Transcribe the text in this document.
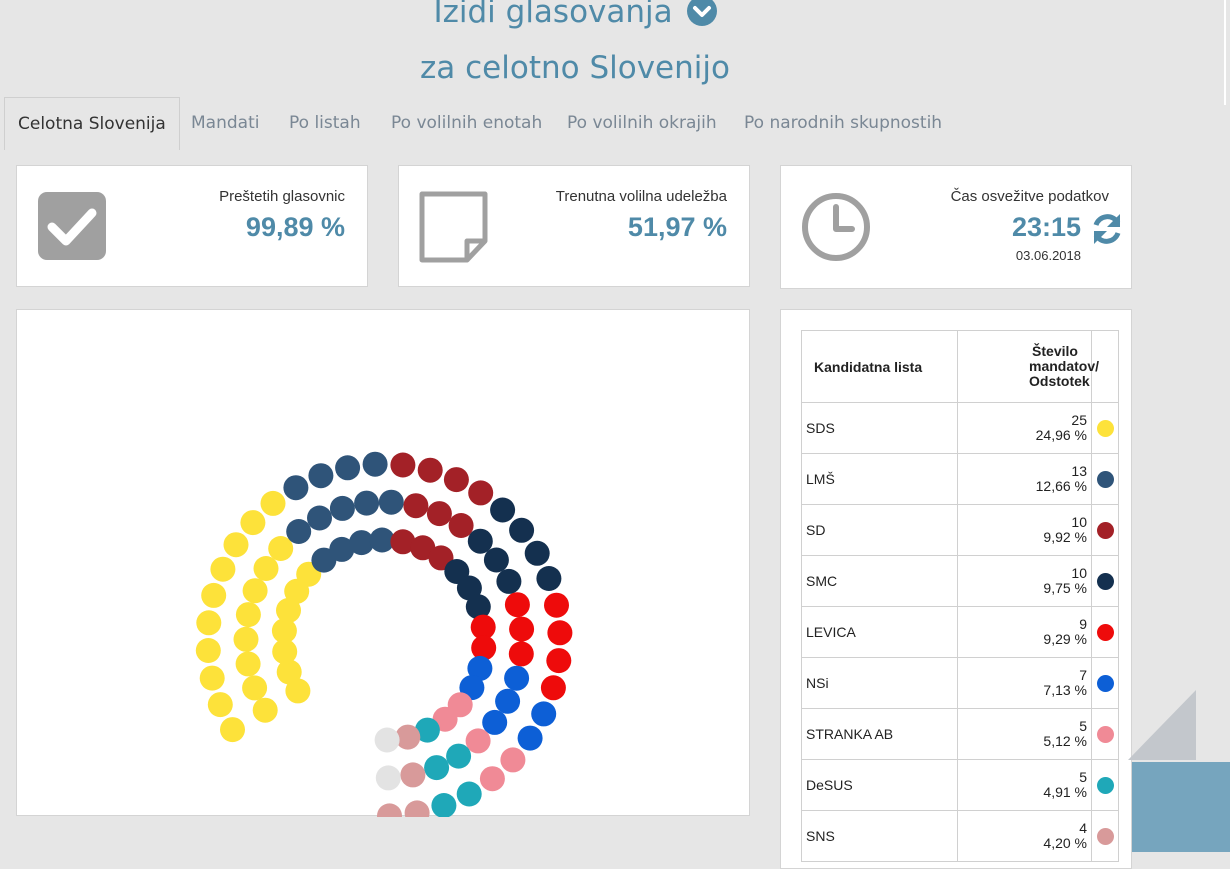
Izidi glasovanja
za celotno Slovenijo
Celotna Slovenija	Mandati Po listah Po volilnih enotah Po volilnih okrajih Po narodnih skupnostih
Preštetih glasovnic
99,89 %
Trenutna volilna udeležba
51,97 %
Čas osvežitve podatkov
23:15
03.06.2018
Kandidatna lista	Število mandatov/ Odstotek	

SDS	25
24,96 %	

LMŠ	13
12,66 %	

SD	10
9,92 %	

SMC	10
9,75 %	

LEVICA	9
9,29 %	

NSi	7
7,13 %	

STRANKA AB	5
5,12 %	

DeSUS	5
4,91 %	

SNS	4
4,20 %	
